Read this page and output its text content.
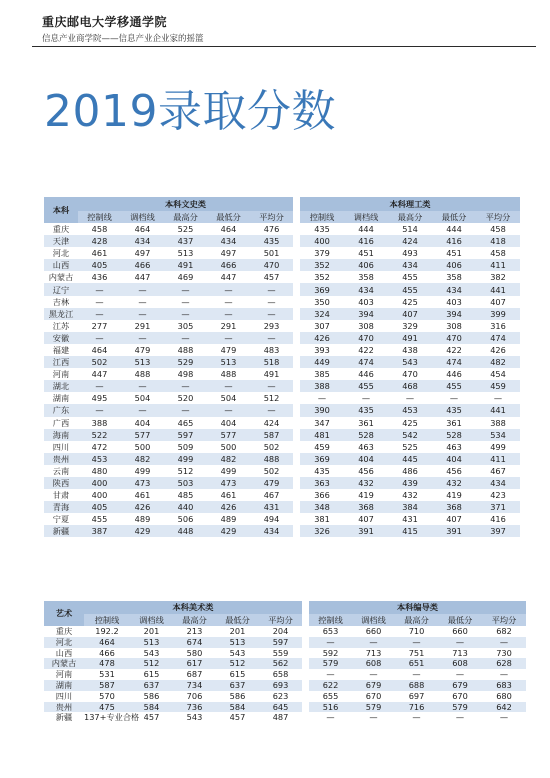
重庆邮电大学移通学院
信息产业商学院——信息产业企业家的摇篮
2019录取分数
本科	本科文史类						本科理工类				
	控制线	调档线	最高分	最低分	平均分		控制线	调档线	最高分	最低分	平均分
重庆	458	464	525	464	476		435	444	514	444	458
天津	428	434	437	434	435		400	416	424	416	418
河北	461	497	513	497	501		379	451	493	451	458
山西	405	466	491	466	470		352	406	434	406	411
内蒙古	436	447	469	447	457		352	358	455	358	382
辽宁	—	—	—	—	—		369	434	455	434	441
吉林	—	—	—	—	—		350	403	425	403	407
黑龙江	—	—	—	—	—		324	394	407	394	399
江苏	277	291	305	291	293		307	308	329	308	316
安徽	—	—	—	—	—		426	470	491	470	474
福建	464	479	488	479	483		393	422	438	422	426
江西	502	513	529	513	518		449	474	543	474	482
河南	447	488	498	488	491		385	446	470	446	454
湖北	—	—	—	—	—		388	455	468	455	459
湖南	495	504	520	504	512		—	—	—	—	—
广东	—	—	—	—	—		390	435	453	435	441
广西	388	404	465	404	424		347	361	425	361	388
海南	522	577	597	577	587		481	528	542	528	534
四川	472	500	509	500	502		459	463	525	463	499
贵州	453	482	499	482	488		369	404	445	404	411
云南	480	499	512	499	502		435	456	486	456	467
陕西	400	473	503	473	479		363	432	439	432	434
甘肃	400	461	485	461	467		366	419	432	419	423
青海	405	426	440	426	431		348	368	384	368	371
宁夏	455	489	506	489	494		381	407	431	407	416
新疆	387	429	448	429	434		326	391	415	391	397
艺术	本科美术类						本科编导类				
	控制线	调档线	最高分	最低分	平均分		控制线	调档线	最高分	最低分	平均分
重庆	192.2	201	213	201	204		653	660	710	660	682
河北	464	513	674	513	597		—	—	—	—	—
山西	466	543	580	543	559		592	713	751	713	730
内蒙古	478	512	617	512	562		579	608	651	608	628
河南	531	615	687	615	658		—	—	—	—	—
湖南	587	637	734	637	693		622	679	688	679	683
四川	570	586	706	586	623		655	670	697	670	680
贵州	475	584	736	584	645		516	579	716	579	642
新疆	137+专业合格	457	543	457	487		—	—	—	—	—
